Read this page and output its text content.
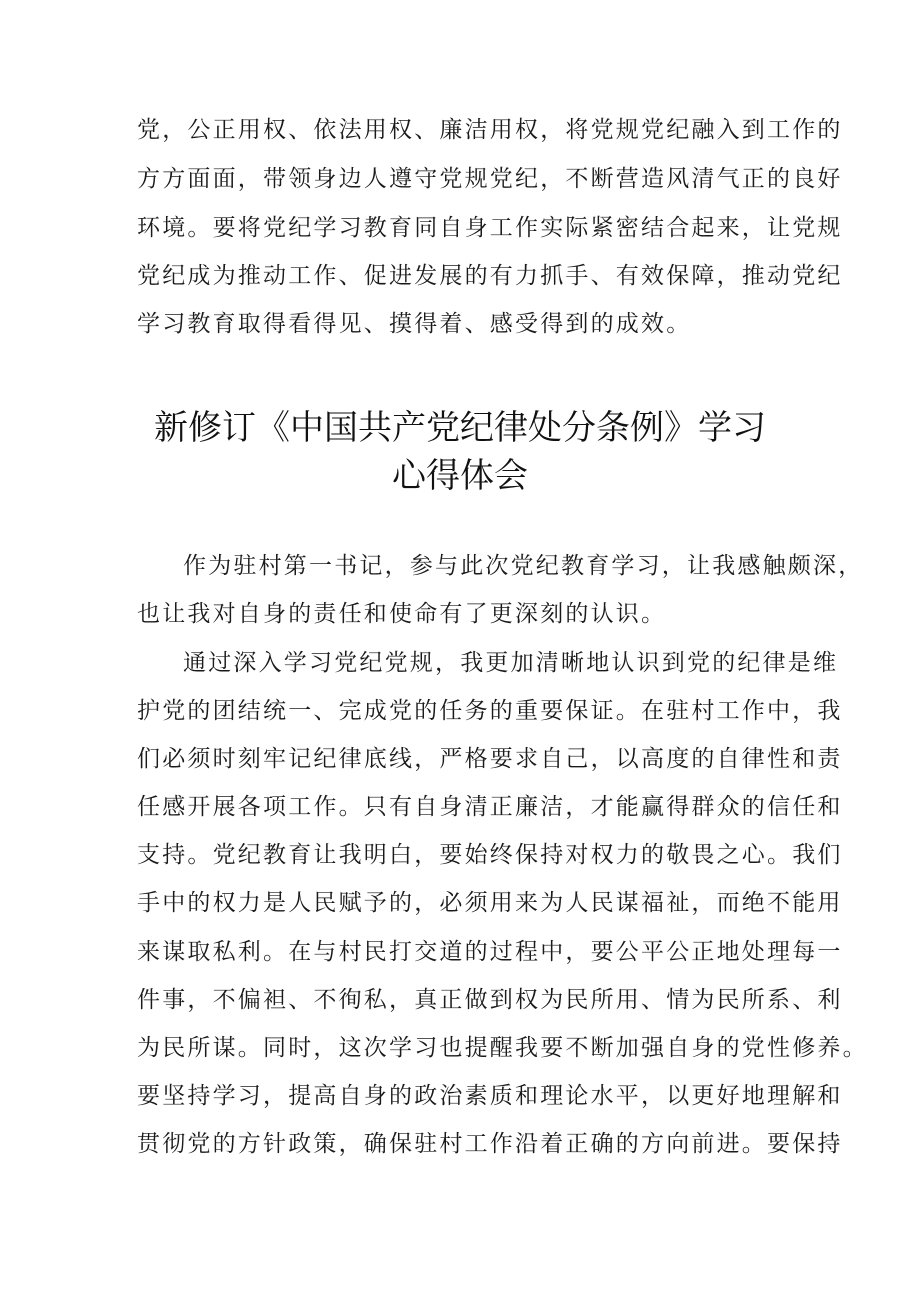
党，公正用权、依法用权、廉洁用权，将党规党纪融入到工作的
方方面面，带领身边人遵守党规党纪，不断营造风清气正的良好
环境。要将党纪学习教育同自身工作实际紧密结合起来，让党规
党纪成为推动工作、促进发展的有力抓手、有效保障，推动党纪
学习教育取得看得见、摸得着、感受得到的成效。
新修订《中国共产党纪律处分条例》学习
心得体会
作为驻村第一书记，参与此次党纪教育学习，让我感触颇深，
也让我对自身的责任和使命有了更深刻的认识。
通过深入学习党纪党规，我更加清晰地认识到党的纪律是维
护党的团结统一、完成党的任务的重要保证。在驻村工作中，我
们必须时刻牢记纪律底线，严格要求自己，以高度的自律性和责
任感开展各项工作。只有自身清正廉洁，才能赢得群众的信任和
支持。党纪教育让我明白，要始终保持对权力的敬畏之心。我们
手中的权力是人民赋予的，必须用来为人民谋福祉，而绝不能用
来谋取私利。在与村民打交道的过程中，要公平公正地处理每一
件事，不偏袒、不徇私，真正做到权为民所用、情为民所系、利
为民所谋。同时，这次学习也提醒我要不断加强自身的党性修养。
要坚持学习，提高自身的政治素质和理论水平，以更好地理解和
贯彻党的方针政策，确保驻村工作沿着正确的方向前进。要保持
